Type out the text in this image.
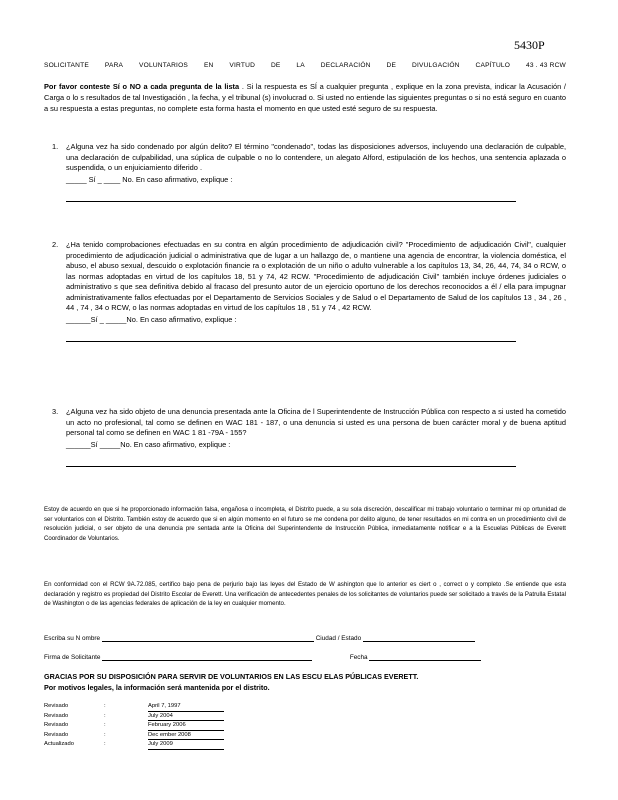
5430P
SOLICITANTE PARA VOLUNTARIOS EN VIRTUD DE LA DECLARACIÓN DE DIVULGACIÓN CAPÍTULO 43 . 43 RCW
Por favor conteste Sí o NO a cada pregunta de la lista . Si la respuesta es SÍ a cualquier pregunta , explique en la zona prevista, indicar la Acusación / Carga o lo s resultados de tal Investigación , la fecha, y el tribunal (s) involucrad o. Si usted no entiende las siguientes preguntas o si no está seguro en cuanto a su respuesta a estas preguntas, no complete esta forma hasta el momento en que usted esté seguro de su respuesta.
1. ¿Alguna vez ha sido condenado por algún delito? El término "condenado", todas las disposiciones adversos, incluyendo una declaración de culpable, una declaración de culpabilidad, una súplica de culpable o no lo contendere, un alegato Alford, estipulación de los hechos, una sentencia aplazada o suspendida, o un enjuiciamiento diferido .
_____ Sí _ ____ No. En caso afirmativo, explique :
2. ¿Ha tenido comprobaciones efectuadas en su contra en algún procedimiento de adjudicación civil? "Procedimiento de adjudicación Civil", cualquier procedimiento de adjudicación judicial o administrativa que de lugar a un hallazgo de, o mantiene una agencia de encontrar, la violencia doméstica, el abuso, el abuso sexual, descuido o explotación financie ra o explotación de un niño o adulto vulnerable a los capítulos 13, 34, 26, 44, 74, 34 o RCW, o las normas adoptadas en virtud de los capítulos 18, 51 y 74, 42 RCW. "Procedimiento de adjudicación Civil" también incluye órdenes judiciales o administrativo s que sea definitiva debido al fracaso del presunto autor de un ejercicio oportuno de los derechos reconocidos a él / ella para impugnar administrativamente fallos efectuadas por el Departamento de Servicios Sociales y de Salud o el Departamento de Salud de los capítulos 13 , 34 , 26 , 44 , 74 , 34 o RCW, o las normas adoptadas en virtud de los capítulos 18 , 51 y 74 , 42 RCW.
______Sí _ _____No. En caso afirmativo, explique :
3. ¿Alguna vez ha sido objeto de una denuncia presentada ante la Oficina de l Superintendente de Instrucción Pública con respecto a si usted ha cometido un acto no profesional, tal como se definen en WAC 181 - 187, o una denuncia si usted es una persona de buen carácter moral y de buena aptitud personal tal como se definen en WAC 1 81 -79A - 155?
______Sí _____No. En caso afirmativo, explique :
Estoy de acuerdo en que si he proporcionado información falsa, engañosa o incompleta, el Distrito puede, a su sola discreción, descalificar mi trabajo voluntario o terminar mi op ortunidad de ser voluntarios con el Distrito. También estoy de acuerdo que si en algún momento en el futuro se me condena por delito alguno, de tener resultados en mi contra en un procedimiento civil de resolución judicial, o ser objeto de una denuncia pre sentada ante la Oficina del Superintendente de Instrucción Pública, inmediatamente notificar e a la Escuelas Públicas de Everett Coordinador de Voluntarios.
En conformidad con el RCW 9A.72.085, certifico bajo pena de perjurio bajo las leyes del Estado de W ashington que lo anterior es ciert o , correct o y completo .Se entiende que esta declaración y registro es propiedad del Distrito Escolar de Everett. Una verificación de antecedentes penales de los solicitantes de voluntarios puede ser solicitado a través de la Patrulla Estatal de Washington o de las agencias federales de aplicación de la ley en cualquier momento.
Escriba su N ombre	Ciudad / Estado
Firma de Solicitante	Fecha
GRACIAS POR SU DISPOSICIÓN PARA SERVIR DE VOLUNTARIOS EN LAS ESCU ELAS PÚBLICAS EVERETT.
Por motivos legales, la información será mantenida por el distrito.
Revisado	:	April 7, 1997
Revisado	:	July 2004
Revisado	:	February 2006
Revisado	:	Dec ember 2008
Actualizado	:	July 2009
